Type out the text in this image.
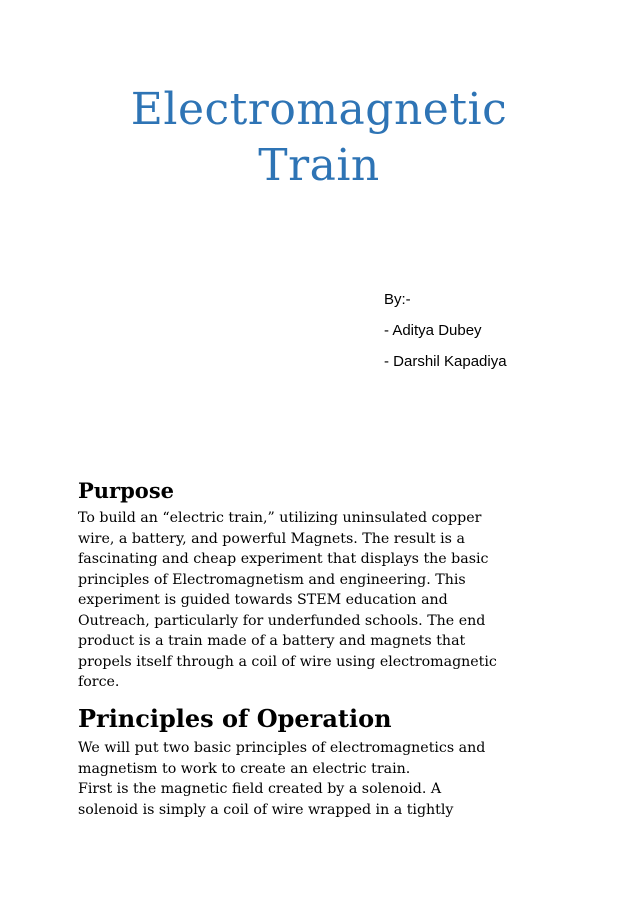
Electromagnetic
Train
By:-
- Aditya Dubey
- Darshil Kapadiya
Purpose

To build an “electric train,” utilizing uninsulated copper
wire, a battery, and powerful Magnets. The result is a
fascinating and cheap experiment that displays the basic
principles of Electromagnetism and engineering. This
experiment is guided towards STEM education and
Outreach, particularly for underfunded schools. The end
product is a train made of a battery and magnets that
propels itself through a coil of wire using electromagnetic
force.

Principles of Operation

We will put two basic principles of electromagnetics and
magnetism to work to create an electric train.
First is the magnetic field created by a solenoid. A
solenoid is simply a coil of wire wrapped in a tightly
